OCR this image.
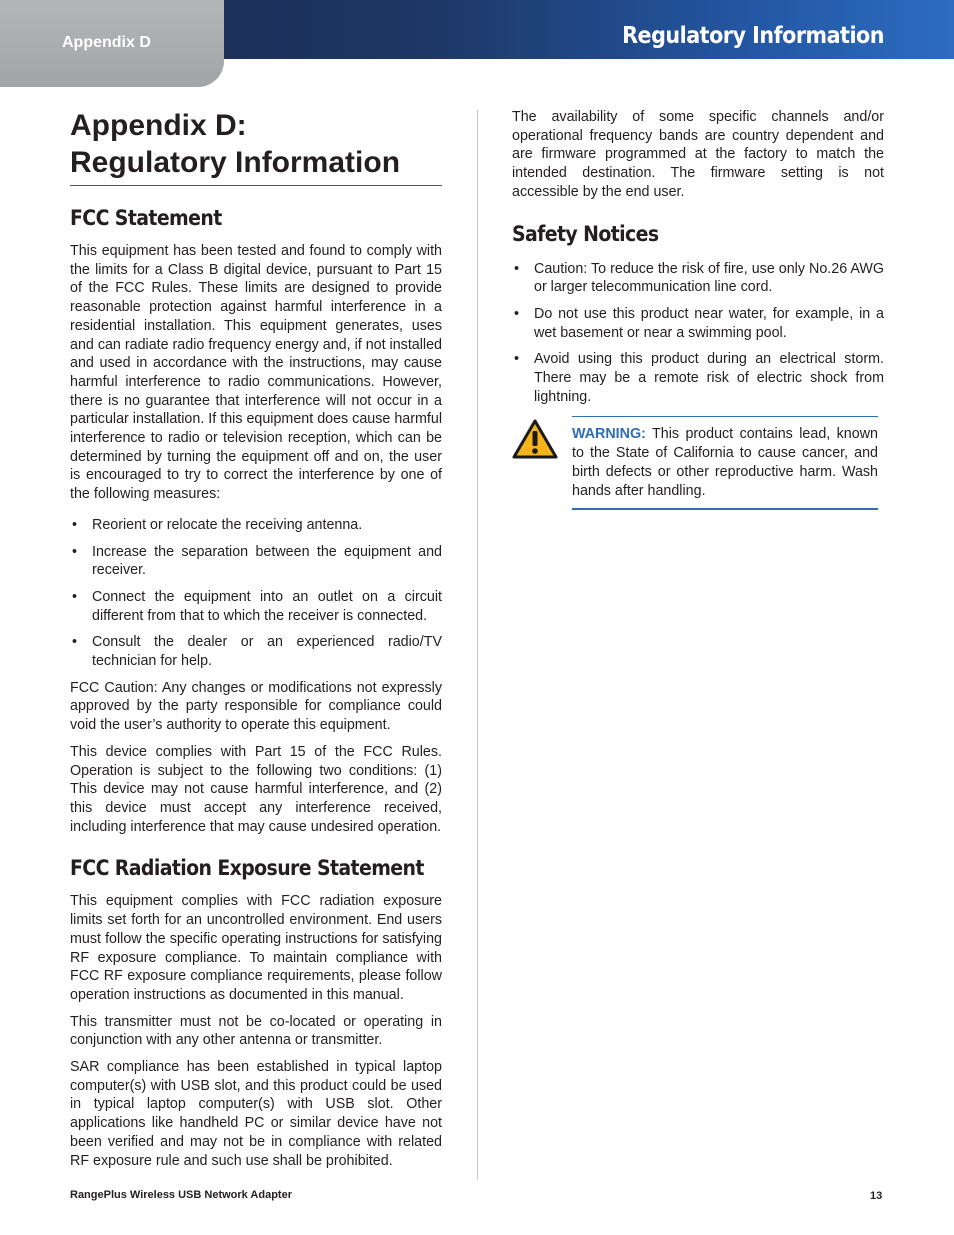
Regulatory Information
Appendix D
Appendix D:
Regulatory Information
FCC Statement

This equipment has been tested and found to comply with the limits for a Class B digital device, pursuant to Part 15 of the FCC Rules. These limits are designed to provide reasonable protection against harmful interference in a residential installation. This equipment generates, uses and can radiate radio frequency energy and, if not installed and used in accordance with the instructions, may cause harmful interference to radio communications. However, there is no guarantee that interference will not occur in a particular installation. If this equipment does cause harmful interference to radio or television reception, which can be determined by turning the equipment off and on, the user is encouraged to try to correct the interference by one of the following measures:

• Reorient or relocate the receiving antenna.
• Increase the separation between the equipment and receiver.
• Connect the equipment into an outlet on a circuit different from that to which the receiver is connected.
• Consult the dealer or an experienced radio/TV technician for help.

FCC Caution: Any changes or modifications not expressly approved by the party responsible for compliance could void the user’s authority to operate this equipment.

This device complies with Part 15 of the FCC Rules. Operation is subject to the following two conditions: (1) This device may not cause harmful interference, and (2) this device must accept any interference received, including interference that may cause undesired operation.

FCC Radiation Exposure Statement

This equipment complies with FCC radiation exposure limits set forth for an uncontrolled environment. End users must follow the specific operating instructions for satisfying RF exposure compliance. To maintain compliance with FCC RF exposure compliance requirements, please follow operation instructions as documented in this manual.

This transmitter must not be co-located or operating in conjunction with any other antenna or transmitter.

SAR compliance has been established in typical laptop computer(s) with USB slot, and this product could be used in typical laptop computer(s) with USB slot. Other applications like handheld PC or similar device have not been verified and may not be in compliance with related RF exposure rule and such use shall be prohibited.

The availability of some specific channels and/or operational frequency bands are country dependent and are firmware programmed at the factory to match the intended destination. The firmware setting is not accessible by the end user.

Safety Notices
• Caution: To reduce the risk of fire, use only No.26 AWG or larger telecommunication line cord.
• Do not use this product near water, for example, in a wet basement or near a swimming pool.
• Avoid using this product during an electrical storm. There may be a remote risk of electric shock from lightning.

WARNING: This product contains lead, known to the State of California to cause cancer, and birth defects or other reproductive harm. Wash hands after handling.

RangePlus Wireless USB Network Adapter	13
